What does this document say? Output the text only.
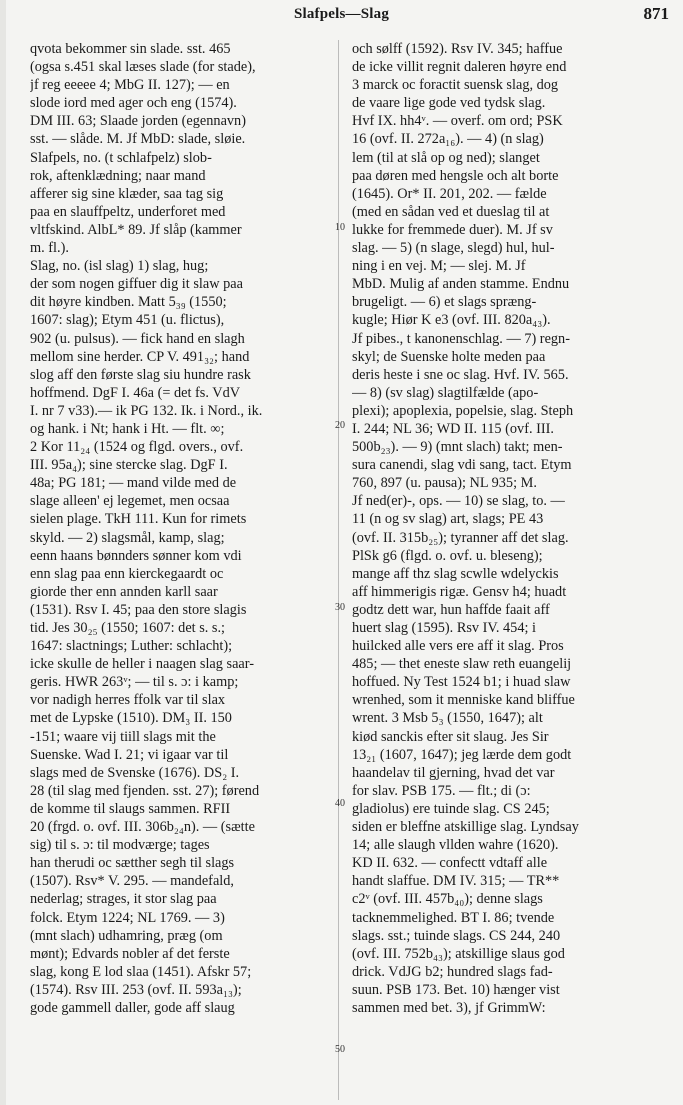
Slafpels—Slag	871
10
20
30
40
50
qvota bekommer sin slade. sst. 465
(ogsa s.451 skal læses slade (for stade),
jf reg eeeee 4; MbG II. 127); — en
slode iord med ager och eng (1574).
DM III. 63; Slaade jorden (egennavn)
sst. — slåde. M. Jf MbD: slade, sløie.
Slafpels, no. (t schlafpelz) slob-
rok, aftenklædning; naar mand
afferer sig sine klæder, saa tag sig
paa en slauffpeltz, underforet med
vltfskind. AlbL* 89. Jf slåp (kammer
m. fl.).
Slag, no. (isl slag) 1) slag, hug;
der som nogen giffuer dig it slaw paa
dit høyre kindben. Matt 5₃₉ (1550;
1607: slag); Etym 451 (u. flictus),
902 (u. pulsus). — fick hand en slagh
mellom sine herder. CP V. 491₃₂; hand
slog aff den første slag siu hundre rask
hoffmend. DgF I. 46a (= det fs. VdV
I. nr 7 v33).— ik PG 132. Ik. i Nord., ik.
og hank. i Nt; hank i Ht. — flt. ∞;
2 Kor 11₂₄ (1524 og flgd. overs., ovf.
III. 95a₄); sine stercke slag. DgF I.
48a; PG 181; — mand vilde med de
slage alleen' ej legemet, men ocsaa
sielen plage. TkH 111. Kun for rimets
skyld. — 2) slagsmål, kamp, slag;
eenn haans bønnders sønner kom vdi
enn slag paa enn kierckegaardt oc
giorde ther enn annden karll saar
(1531). Rsv I. 45; paa den store slagis
tid. Jes 30₂₅ (1550; 1607: det s. s.;
1647: slactnings; Luther: schlacht);
icke skulle de heller i naagen slag saar-
geris. HWR 263ᵛ; — til s. ɔ: i kamp;
vor nadigh herres ffolk var til slax
met de Lypske (1510). DM₃ II. 150
-151; waare vij tiill slags mit the
Suenske. Wad I. 21; vi igaar var til
slags med de Svenske (1676). DS₂ I.
28 (til slag med fjenden. sst. 27); førend
de komme til slaugs sammen. RFII
20 (frgd. o. ovf. III. 306b₂₄n). — (sætte
sig) til s. ɔ: til modværge; tages
han therudi oc sætther segh til slags
(1507). Rsv* V. 295. — mandefald,
nederlag; strages, it stor slag paa
folck. Etym 1224; NL 1769. — 3)
(mnt slach) udhamring, præg (om
mønt); Edvards nobler af det ferste
slag, kong E lod slaa (1451). Afskr 57;
(1574). Rsv III. 253 (ovf. II. 593a₁₃);
gode gammell daller, gode aff slaug
och sølff (1592). Rsv IV. 345; haffue
de icke villit regnit daleren høyre end
3 marck oc foractit suensk slag, dog
de vaare lige gode ved tydsk slag.
Hvf IX. hh4ᵛ. — overf. om ord; PSK
16 (ovf. II. 272a₁₆). — 4) (n slag)
lem (til at slå op og ned); slanget
paa døren med hengsle och alt borte
(1645). Or* II. 201, 202. — fælde
(med en sådan ved et dueslag til at
lukke for fremmede duer). M. Jf sv
slag. — 5) (n slage, slegd) hul, hul-
ning i en vej. M; — slej. M. Jf
MbD. Mulig af anden stamme. Endnu
brugeligt. — 6) et slags spræng-
kugle; Hiør K e3 (ovf. III. 820a₄₃).
Jf pibes., t kanonenschlag. — 7) regn-
skyl; de Suenske holte meden paa
deris heste i sne oc slag. Hvf. IV. 565.
— 8) (sv slag) slagtilfælde (apo-
plexi); apoplexia, popelsie, slag. Steph
I. 244; NL 36; WD II. 115 (ovf. III.
500b₂₃). — 9) (mnt slach) takt; men-
sura canendi, slag vdi sang, tact. Etym
760, 897 (u. pausa); NL 935; M.
Jf ned(er)-, ops. — 10) se slag, to. —
11 (n og sv slag) art, slags; PE 43
(ovf. II. 315b₂₅); tyranner aff det slag.
PlSk g6 (flgd. o. ovf. u. bleseng);
mange aff thz slag scwlle wdelyckis
aff himmerigis rigæ. Gensv h4; huadt
godtz dett war, hun haffde faait aff
huert slag (1595). Rsv IV. 454; i
huilcked alle vers ere aff it slag. Pros
485; — thet eneste slaw reth euangelij
hoffued. Ny Test 1524 b1; i huad slaw
wrenhed, som it menniske kand bliffue
wrent. 3 Msb 5₃ (1550, 1647); alt
kiød sanckis efter sit slaug. Jes Sir
13₂₁ (1607, 1647); jeg lærde dem godt
haandelav til gjerning, hvad det var
for slav. PSB 175. — flt.; di (ɔ:
gladiolus) ere tuinde slag. CS 245;
siden er bleffne atskillige slag. Lyndsay
14; alle slaugh vllden wahre (1620).
KD II. 632. — confectt vdtaff alle
handt slaffue. DM IV. 315; — TR**
c2ᵛ (ovf. III. 457b₄₀); denne slags
tacknemmelighed. BT I. 86; tvende
slags. sst.; tuinde slags. CS 244, 240
(ovf. III. 752b₄₃); atskillige slaus god
drick. VdJG b2; hundred slags fad-
suun. PSB 173. Bet. 10) hænger vist
sammen med bet. 3), jf GrimmW:
